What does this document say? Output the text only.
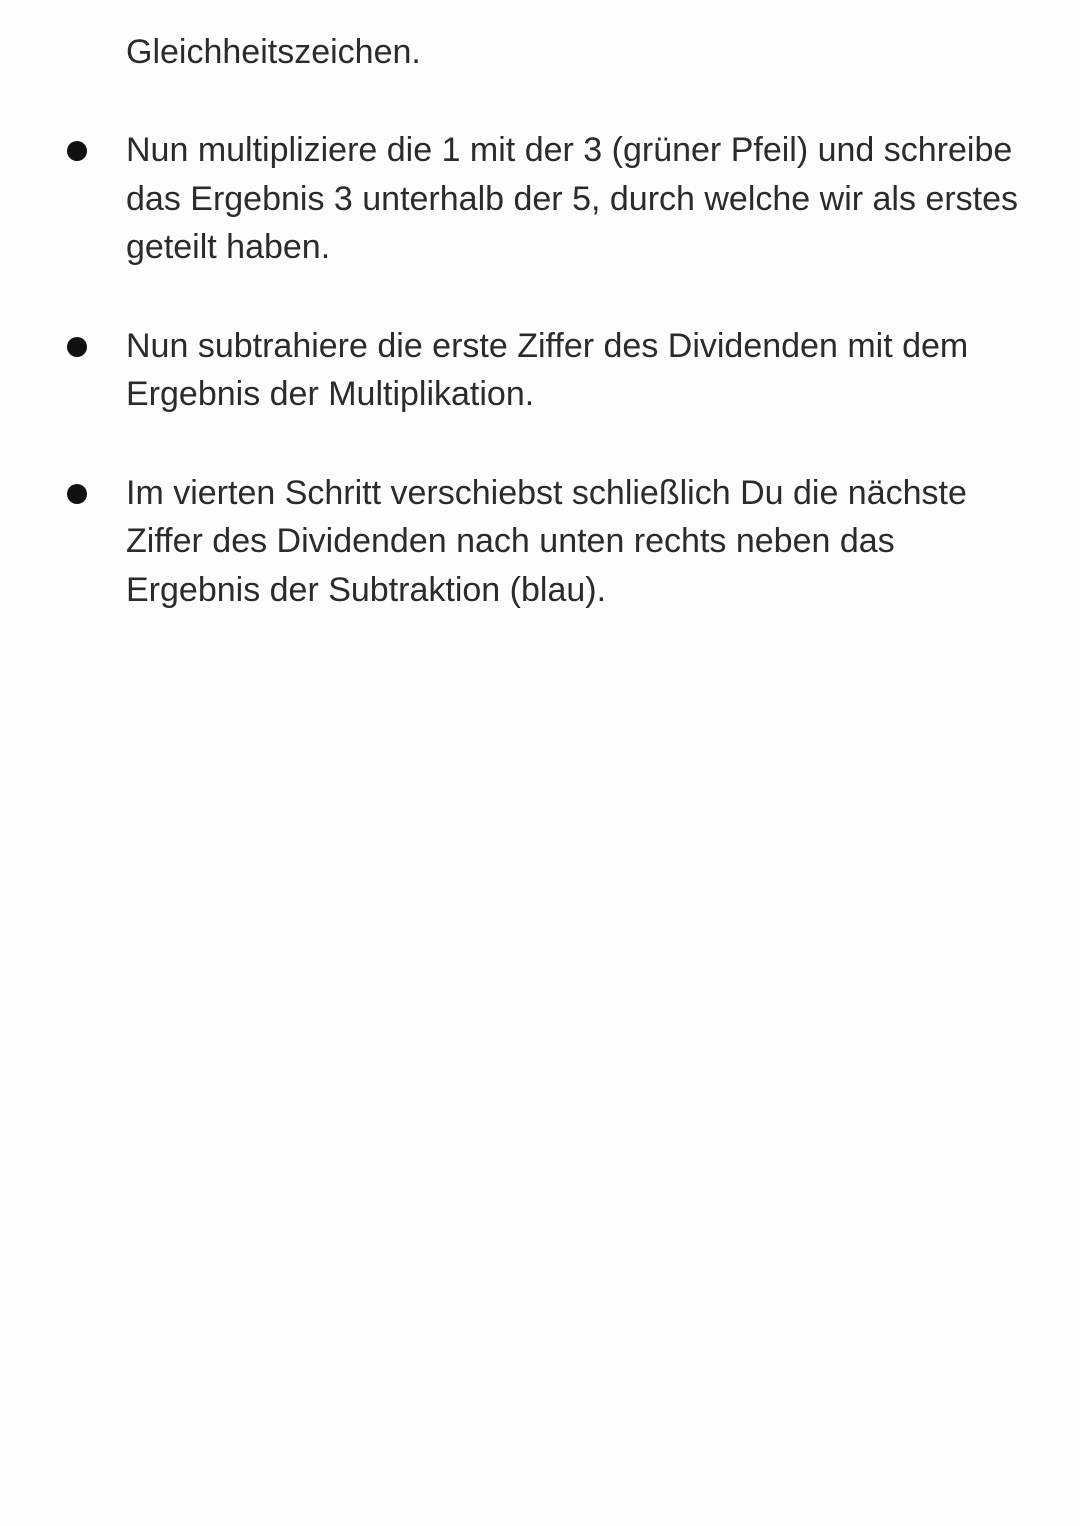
Gleichheitszeichen.

Nun multipliziere die 1 mit der 3 (grüner Pfeil) und schreibe das Ergebnis 3 unterhalb der 5, durch welche wir als erstes geteilt haben.
Nun subtrahiere die erste Ziffer des Dividenden mit dem Ergebnis der Multiplikation.
Im vierten Schritt verschiebst schließlich Du die nächste Ziffer des Dividenden nach unten rechts neben das Ergebnis der Subtraktion (blau).
